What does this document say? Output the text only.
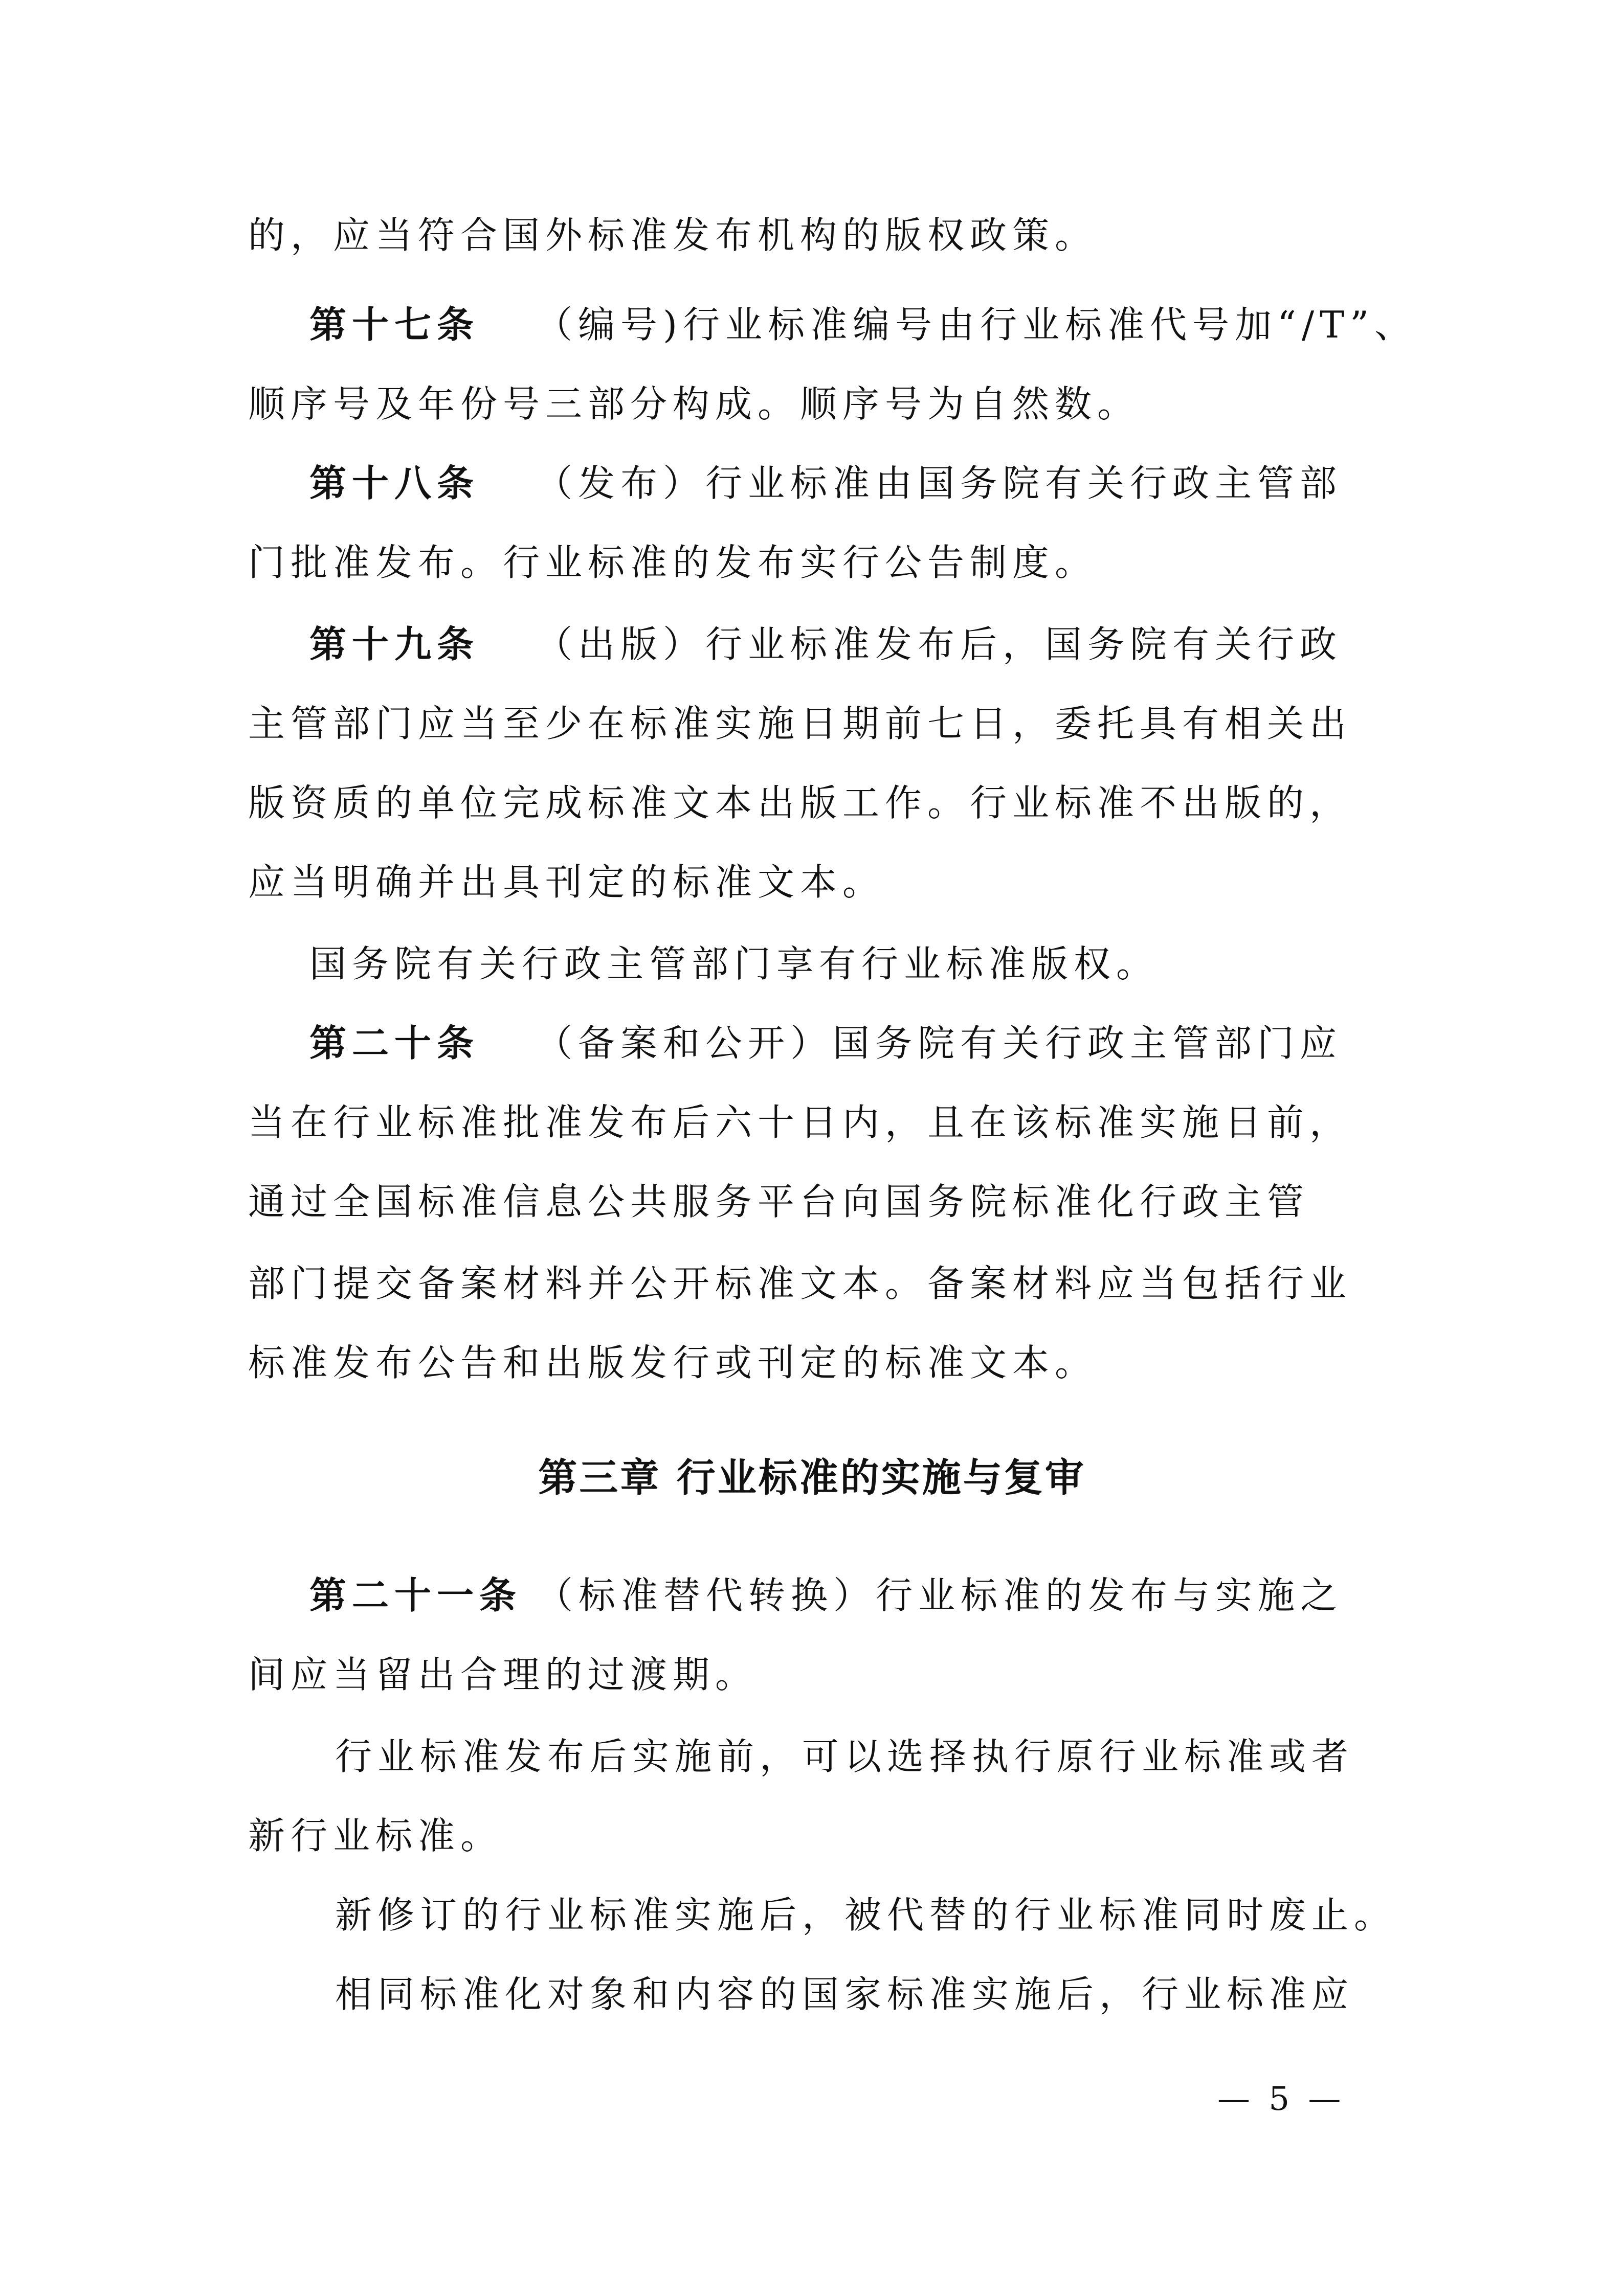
的，应当符合国外标准发布机构的版权政策。
第十七条 （编号)行业标准编号由行业标准代号加“/T”、
顺序号及年份号三部分构成。顺序号为自然数。
第十八条 （发布）行业标准由国务院有关行政主管部
门批准发布。行业标准的发布实行公告制度。
第十九条 （出版）行业标准发布后，国务院有关行政
主管部门应当至少在标准实施日期前七日，委托具有相关出
版资质的单位完成标准文本出版工作。行业标准不出版的，
应当明确并出具刊定的标准文本。
国务院有关行政主管部门享有行业标准版权。
第二十条 （备案和公开）国务院有关行政主管部门应
当在行业标准批准发布后六十日内，且在该标准实施日前，
通过全国标准信息公共服务平台向国务院标准化行政主管
部门提交备案材料并公开标准文本。备案材料应当包括行业
标准发布公告和出版发行或刊定的标准文本。
第三章 行业标准的实施与复审
第二十一条 （标准替代转换）行业标准的发布与实施之
间应当留出合理的过渡期。
行业标准发布后实施前，可以选择执行原行业标准或者
新行业标准。
新修订的行业标准实施后，被代替的行业标准同时废止。
相同标准化对象和内容的国家标准实施后，行业标准应
— 5 —
